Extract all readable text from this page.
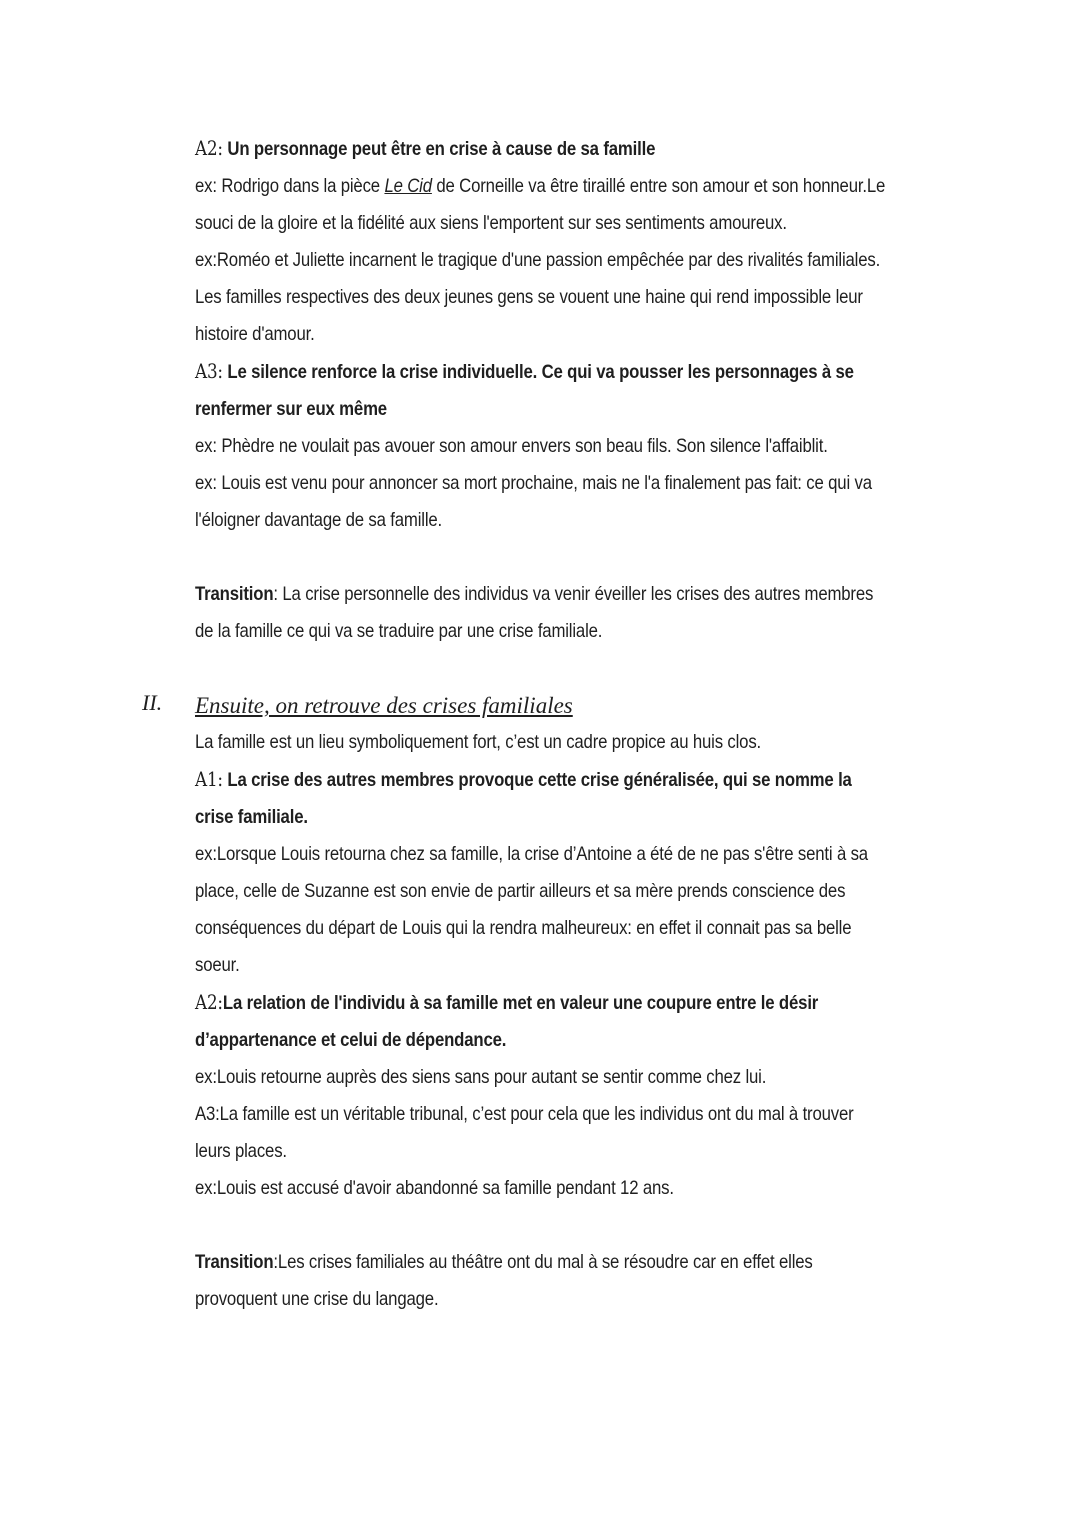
A2: Un personnage peut être en crise à cause de sa famille

ex: Rodrigo dans la pièce Le Cid de Corneille va être tiraillé entre son amour et son honneur.Le

souci de la gloire et la fidélité aux siens l'emportent sur ses sentiments amoureux.

ex:Roméo et Juliette incarnent le tragique d'une passion empêchée par des rivalités familiales.

Les familles respectives des deux jeunes gens se vouent une haine qui rend impossible leur

histoire d'amour.

A3: Le silence renforce la crise individuelle. Ce qui va pousser les personnages à se

renfermer sur eux même

ex: Phèdre ne voulait pas avouer son amour envers son beau fils. Son silence l'affaiblit.

ex: Louis est venu pour annoncer sa mort prochaine, mais ne l'a finalement pas fait: ce qui va

l'éloigner davantage de sa famille.

Transition: La crise personnelle des individus va venir éveiller les crises des autres membres

de la famille ce qui va se traduire par une crise familiale.

Ensuite, on retrouve des crises familiales

La famille est un lieu symboliquement fort, c’est un cadre propice au huis clos.

A1: La crise des autres membres provoque cette crise généralisée, qui se nomme la

crise familiale.

ex:Lorsque Louis retourna chez sa famille, la crise d’Antoine a été de ne pas s'être senti à sa

place, celle de Suzanne est son envie de partir ailleurs et sa mère prends conscience des

conséquences du départ de Louis qui la rendra malheureux: en effet il connait pas sa belle

soeur.

A2:La relation de l'individu à sa famille met en valeur une coupure entre le désir

d’appartenance et celui de dépendance.

ex:Louis retourne auprès des siens sans pour autant se sentir comme chez lui.

A3:La famille est un véritable tribunal, c’est pour cela que les individus ont du mal à trouver

leurs places.

ex:Louis est accusé d'avoir abandonné sa famille pendant 12 ans.

Transition:Les crises familiales au théâtre ont du mal à se résoudre car en effet elles

provoquent une crise du langage.

II.
